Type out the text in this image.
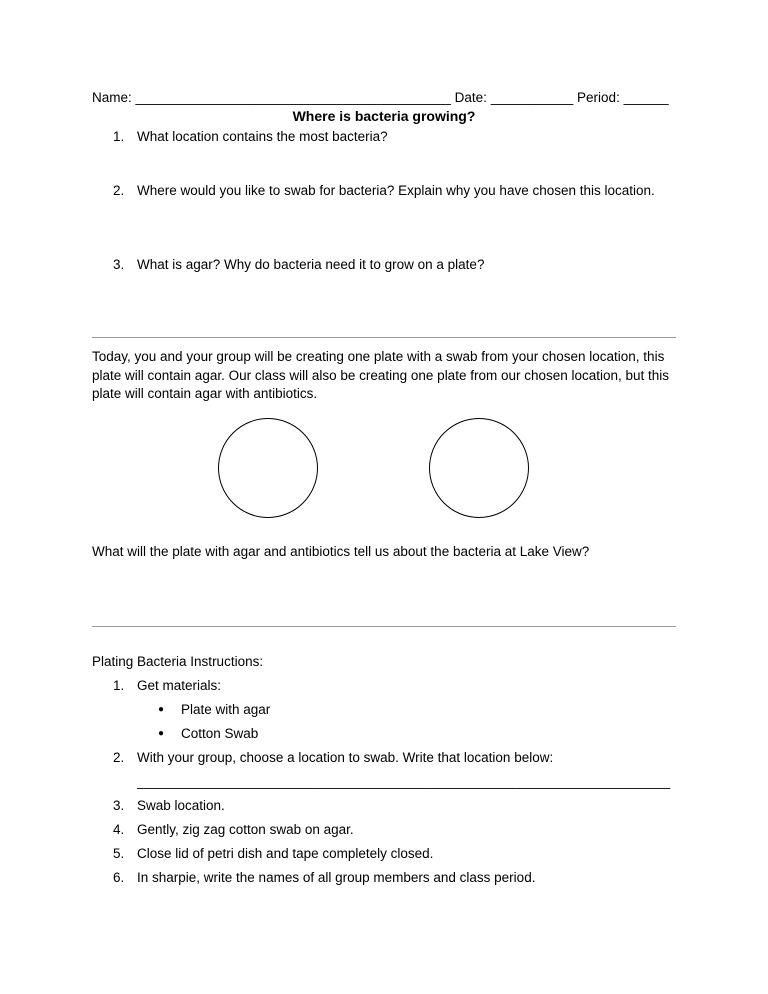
Name: __________________________________________ Date: ___________ Period: ______
Where is bacteria growing?
1. What location contains the most bacteria?
2. Where would you like to swab for bacteria? Explain why you have chosen this location.
3. What is agar? Why do bacteria need it to grow on a plate?
Today, you and your group will be creating one plate with a swab from your chosen location, this plate will contain agar. Our class will also be creating one plate from our chosen location, but this plate will contain agar with antibiotics.
What will the plate with agar and antibiotics tell us about the bacteria at Lake View?
Plating Bacteria Instructions:
1. Get materials:
●	Plate with agar
●	Cotton Swab
2. With your group, choose a location to swab. Write that location below:
_______________________________________________________________________
3. Swab location.
4. Gently, zig zag cotton swab on agar.
5. Close lid of petri dish and tape completely closed.
6. In sharpie, write the names of all group members and class period.
